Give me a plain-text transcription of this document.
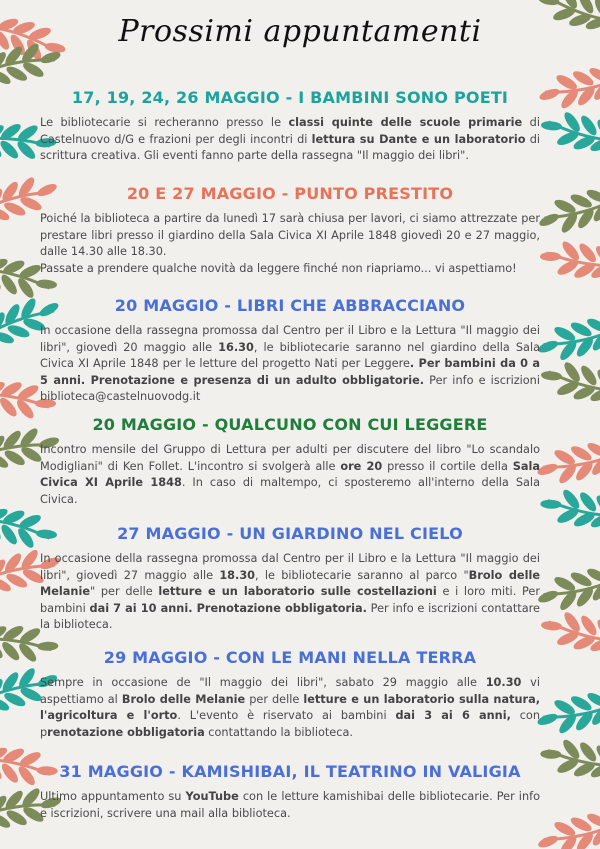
Prossimi appuntamenti
17, 19, 24, 26 MAGGIO - I BAMBINI SONO POETI

Le bibliotecarie si recheranno presso le classi quinte delle scuole primarie di Castelnuovo d/G e frazioni per degli incontri di lettura su Dante e un laboratorio di scrittura creativa. Gli eventi fanno parte della rassegna "Il maggio dei libri".

20 E 27 MAGGIO - PUNTO PRESTITO

Poiché la biblioteca a partire da lunedì 17 sarà chiusa per lavori, ci siamo attrezzate per prestare libri presso il giardino della Sala Civica XI Aprile 1848 giovedì 20 e 27 maggio, dalle 14.30 alle 18.30.
Passate a prendere qualche novità da leggere finché non riapriamo... vi aspettiamo!

20 MAGGIO - LIBRI CHE ABBRACCIANO

In occasione della rassegna promossa dal Centro per il Libro e la Lettura "Il maggio dei libri", giovedì 20 maggio alle 16.30, le bibliotecarie saranno nel giardino della Sala Civica XI Aprile 1848 per le letture del progetto Nati per Leggere. Per bambini da 0 a 5 anni. Prenotazione e presenza di un adulto obbligatorie. Per info e iscrizioni biblioteca@castelnuovodg.it

20 MAGGIO - QUALCUNO CON CUI LEGGERE

Incontro mensile del Gruppo di Lettura per adulti per discutere del libro "Lo scandalo Modigliani" di Ken Follet. L'incontro si svolgerà alle ore 20 presso il cortile della Sala Civica XI Aprile 1848. In caso di maltempo, ci sposteremo all'interno della Sala Civica.

27 MAGGIO - UN GIARDINO NEL CIELO

In occasione della rassegna promossa dal Centro per il Libro e la Lettura "Il maggio dei libri", giovedì 27 maggio alle 18.30, le bibliotecarie saranno al parco "Brolo delle Melanie" per delle letture e un laboratorio sulle costellazioni e i loro miti. Per bambini dai 7 ai 10 anni. Prenotazione obbligatoria. Per info e iscrizioni contattare la biblioteca.

29 MAGGIO - CON LE MANI NELLA TERRA

Sempre in occasione de "Il maggio dei libri", sabato 29 maggio alle 10.30 vi aspettiamo al Brolo delle Melanie per delle letture e un laboratorio sulla natura, l'agricoltura e l'orto. L'evento è riservato ai bambini dai 3 ai 6 anni, con prenotazione obbligatoria contattando la biblioteca.

31 MAGGIO - KAMISHIBAI, IL TEATRINO IN VALIGIA

Ultimo appuntamento su YouTube con le letture kamishibai delle bibliotecarie. Per info e iscrizioni, scrivere una mail alla biblioteca.
